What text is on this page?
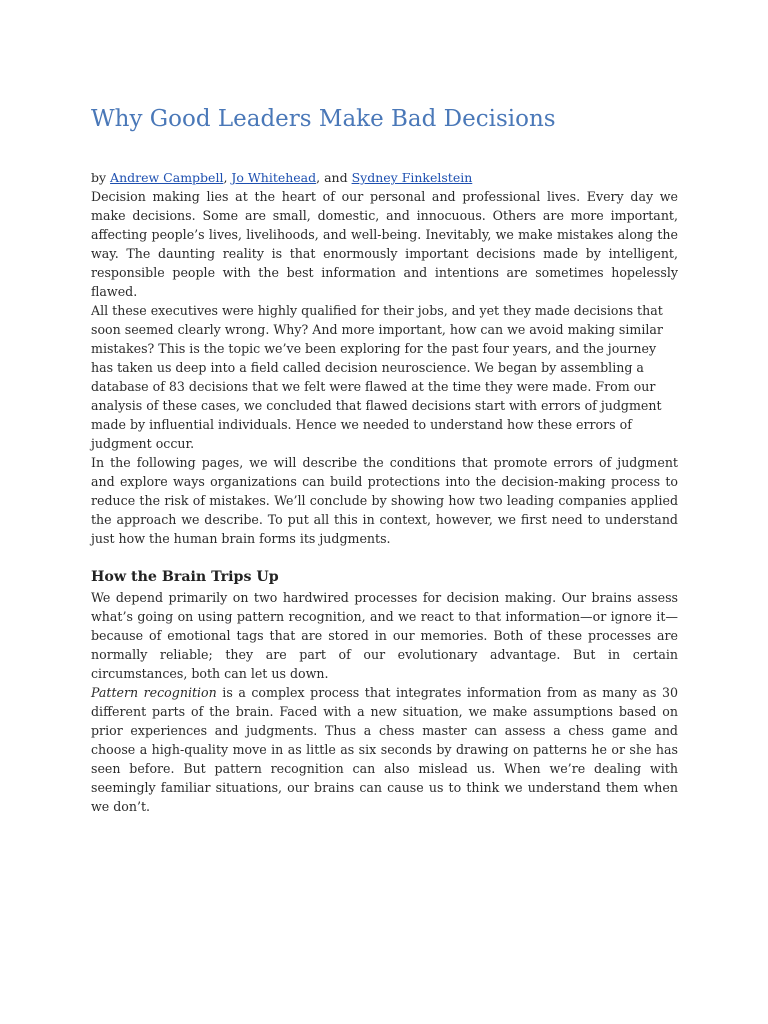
Why Good Leaders Make Bad Decisions
by Andrew Campbell, Jo Whitehead, and Sydney Finkelstein

Decision making lies at the heart of our personal and professional lives. Every day we make decisions. Some are small, domestic, and innocuous. Others are more important, affecting people’s lives, livelihoods, and well-being. Inevitably, we make mistakes along the way. The daunting reality is that enormously important decisions made by intelligent, responsible people with the best information and intentions are sometimes hopelessly flawed.

All these executives were highly qualified for their jobs, and yet they made decisions that soon seemed clearly wrong. Why? And more important, how can we avoid making similar mistakes? This is the topic we’ve been exploring for the past four years, and the journey has taken us deep into a field called decision neuroscience. We began by assembling a database of 83 decisions that we felt were flawed at the time they were made. From our analysis of these cases, we concluded that flawed decisions start with errors of judgment made by influential individuals. Hence we needed to understand how these errors of judgment occur.

In the following pages, we will describe the conditions that promote errors of judgment and explore ways organizations can build protections into the decision-making process to reduce the risk of mistakes. We’ll conclude by showing how two leading companies applied the approach we describe. To put all this in context, however, we first need to understand just how the human brain forms its judgments.

How the Brain Trips Up

We depend primarily on two hardwired processes for decision making. Our brains assess what’s going on using pattern recognition, and we react to that information—or ignore it—because of emotional tags that are stored in our memories. Both of these processes are normally reliable; they are part of our evolutionary advantage. But in certain circumstances, both can let us down.

Pattern recognition is a complex process that integrates information from as many as 30 different parts of the brain. Faced with a new situation, we make assumptions based on prior experiences and judgments. Thus a chess master can assess a chess game and choose a high-quality move in as little as six seconds by drawing on patterns he or she has seen before. But pattern recognition can also mislead us. When we’re dealing with seemingly familiar situations, our brains can cause us to think we understand them when we don’t.
